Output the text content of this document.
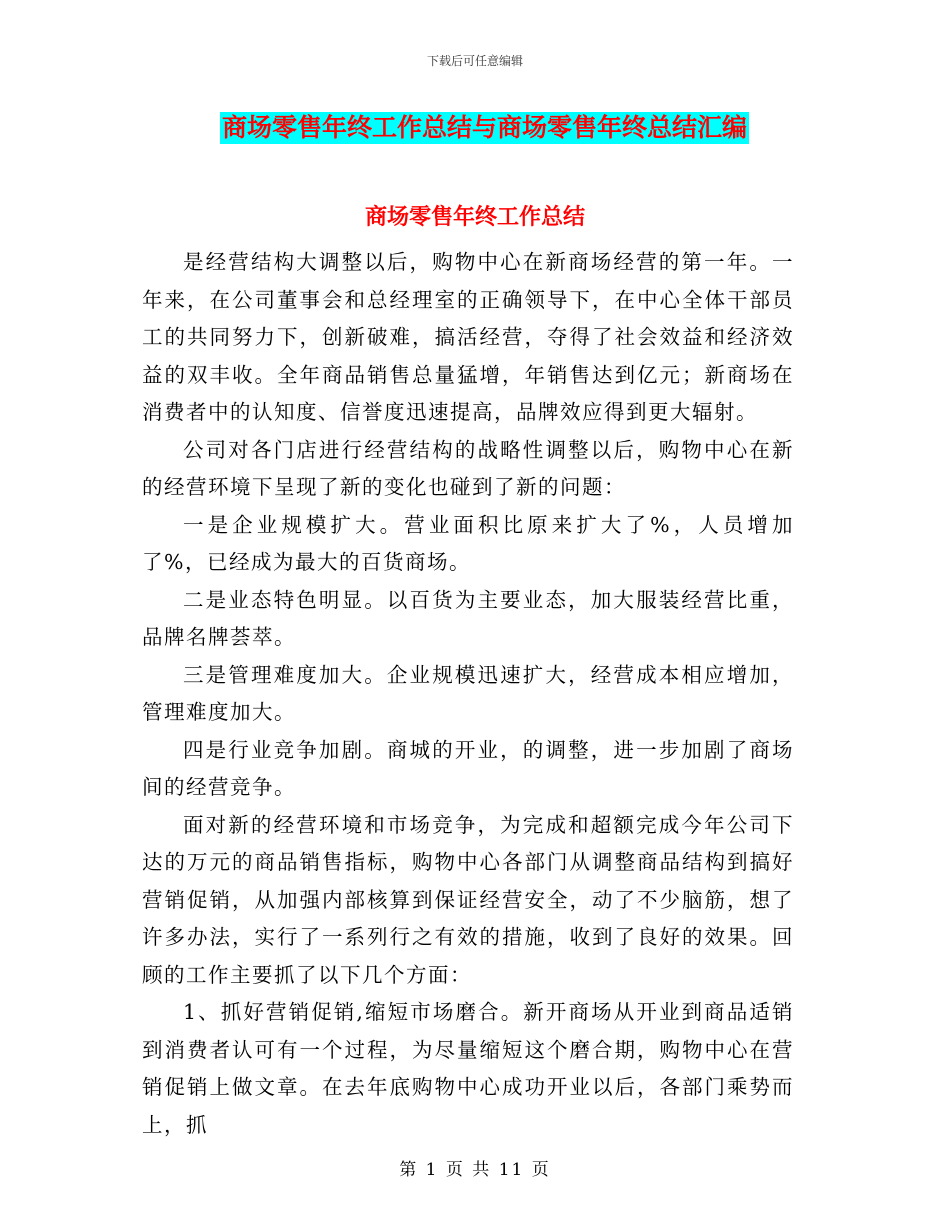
下载后可任意编辑
商场零售年终工作总结与商场零售年终总结汇编
商场零售年终工作总结

是经营结构大调整以后，购物中心在新商场经营的第一年。一年来，在公司董事会和总经理室的正确领导下，在中心全体干部员工的共同努力下，创新破难，搞活经营，夺得了社会效益和经济效益的双丰收。全年商品销售总量猛增，年销售达到亿元；新商场在消费者中的认知度、信誉度迅速提高，品牌效应得到更大辐射。

公司对各门店进行经营结构的战略性调整以后，购物中心在新的经营环境下呈现了新的变化也碰到了新的问题：

一是企业规模扩大。营业面积比原来扩大了%，人员增加了%，已经成为最大的百货商场。

二是业态特色明显。以百货为主要业态，加大服装经营比重，品牌名牌荟萃。

三是管理难度加大。企业规模迅速扩大，经营成本相应增加，管理难度加大。

四是行业竞争加剧。商城的开业，的调整，进一步加剧了商场间的经营竞争。

面对新的经营环境和市场竞争，为完成和超额完成今年公司下达的万元的商品销售指标，购物中心各部门从调整商品结构到搞好营销促销，从加强内部核算到保证经营安全，动了不少脑筋，想了许多办法，实行了一系列行之有效的措施，收到了良好的效果。回顾的工作主要抓了以下几个方面：

1、抓好营销促销,缩短市场磨合。新开商场从开业到商品适销到消费者认可有一个过程，为尽量缩短这个磨合期，购物中心在营销促销上做文章。在去年底购物中心成功开业以后，各部门乘势而上，抓

第 1 页 共 11 页
